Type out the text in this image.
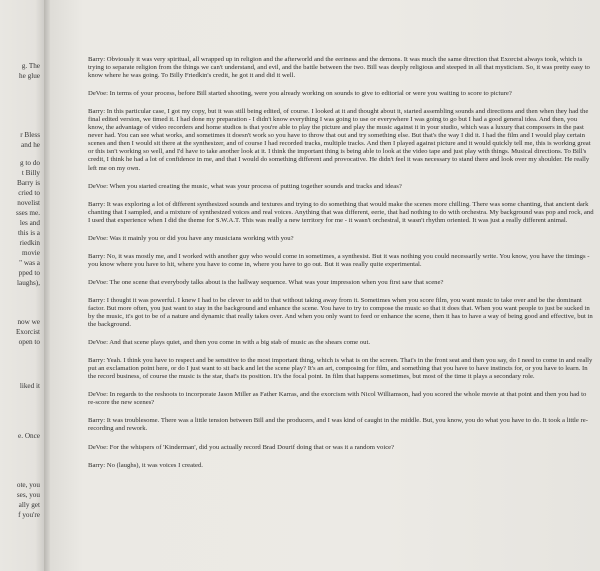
g. The
he glue
r Bless
and he
g to do
t Billy
Barry is
cried to
novelist
sses me.
les and
this is a
riedkin
movie
" was a
pped to
laughs),
now we
Exorcist
open to
liked it
e. Once
ote, you
ses, you
ally get
f you're

Barry: Obviously it was very spiritual, all wrapped up in religion and the afterworld and the eeriness and the demons. It was much the same direction that Exorcist always took, which is trying to separate religion from the things we can't understand, and evil, and the battle between the two. Bill was deeply religious and steeped in all that mysticism. So, it was pretty easy to know where he was going. To Billy Friedkin's credit, he got it and did it well.

DeVoe: In terms of your process, before Bill started shooting, were you already working on sounds to give to editorial or were you waiting to score to picture?

Barry: In this particular case, I got my copy, but it was still being edited, of course. I looked at it and thought about it, started assembling sounds and directions and then when they had the final edited version, we timed it. I had done my preparation - I didn't know everything I was going to use or everywhere I was going to go but I had a good general idea. And then, you know, the advantage of video recorders and home studios is that you're able to play the picture and play the music against it in your studio, which was a luxury that composers in the past never had. You can see what works, and sometimes it doesn't work so you have to throw that out and try something else. But that's the way I did it. I had the film and I would play certain scenes and then I would sit there at the synthesizer, and of course I had recorded tracks, multiple tracks. And then I played against picture and it would quickly tell me, this is working great or this isn't working so well, and I'd have to take another look at it. I think the important thing is being able to look at the video tape and just play with things. Musical directions. To Bill's credit, I think he had a lot of confidence in me, and that I would do something different and provocative. He didn't feel it was necessary to stand there and look over my shoulder. He really left me on my own.

DeVoe: When you started creating the music, what was your process of putting together sounds and tracks and ideas?

Barry: It was exploring a lot of different synthesized sounds and textures and trying to do something that would make the scenes more chilling. There was some chanting, that ancient dark chanting that I sampled, and a mixture of synthesized voices and real voices. Anything that was different, eerie, that had nothing to do with orchestra. My background was pop and rock, and I used that experience when I did the theme for S.W.A.T. This was really a new territory for me - it wasn't orchestral, it wasn't rhythm oriented. It was just a really different animal.

DeVoe: Was it mainly you or did you have any musicians working with you?

Barry: No, it was mostly me, and I worked with another guy who would come in sometimes, a synthesist. But it was nothing you could necessarily write. You know, you have the timings - you know where you have to hit, where you have to come in, where you have to go out. But it was really quite experimental.

DeVoe: The one scene that everybody talks about is the hallway sequence. What was your impression when you first saw that scene?

Barry: I thought it was powerful. I knew I had to be clever to add to that without taking away from it. Sometimes when you score film, you want music to take over and be the dominant factor. But more often, you just want to stay in the background and enhance the scene. You have to try to compose the music so that it does that. When you want people to just be sucked in by the music, it's got to be of a nature and dynamic that really takes over. And when you only want to feed or enhance the scene, then it has to have a way of being good and effective, but in the background.

DeVoe: And that scene plays quiet, and then you come in with a big stab of music as the shears come out.

Barry: Yeah. I think you have to respect and be sensitive to the most important thing, which is what is on the screen. That's in the front seat and then you say, do I need to come in and really put an exclamation point here, or do I just want to sit back and let the scene play? It's an art, composing for film, and something that you have to have instincts for, or you have to learn. In the record business, of course the music is the star, that's its position. It's the focal point. In film that happens sometimes, but most of the time it plays a secondary role.

DeVoe: In regards to the reshoots to incorporate Jason Miller as Father Karras, and the exorcism with Nicol Williamson, had you scored the whole movie at that point and then you had to re-score the new scenes?

Barry: It was troublesome. There was a little tension between Bill and the producers, and I was kind of caught in the middle. But, you know, you do what you have to do. It took a little re-recording and rework.

DeVoe: For the whispers of 'Kinderman', did you actually record Brad Dourif doing that or was it a random voice?

Barry: No (laughs), it was voices I created.
